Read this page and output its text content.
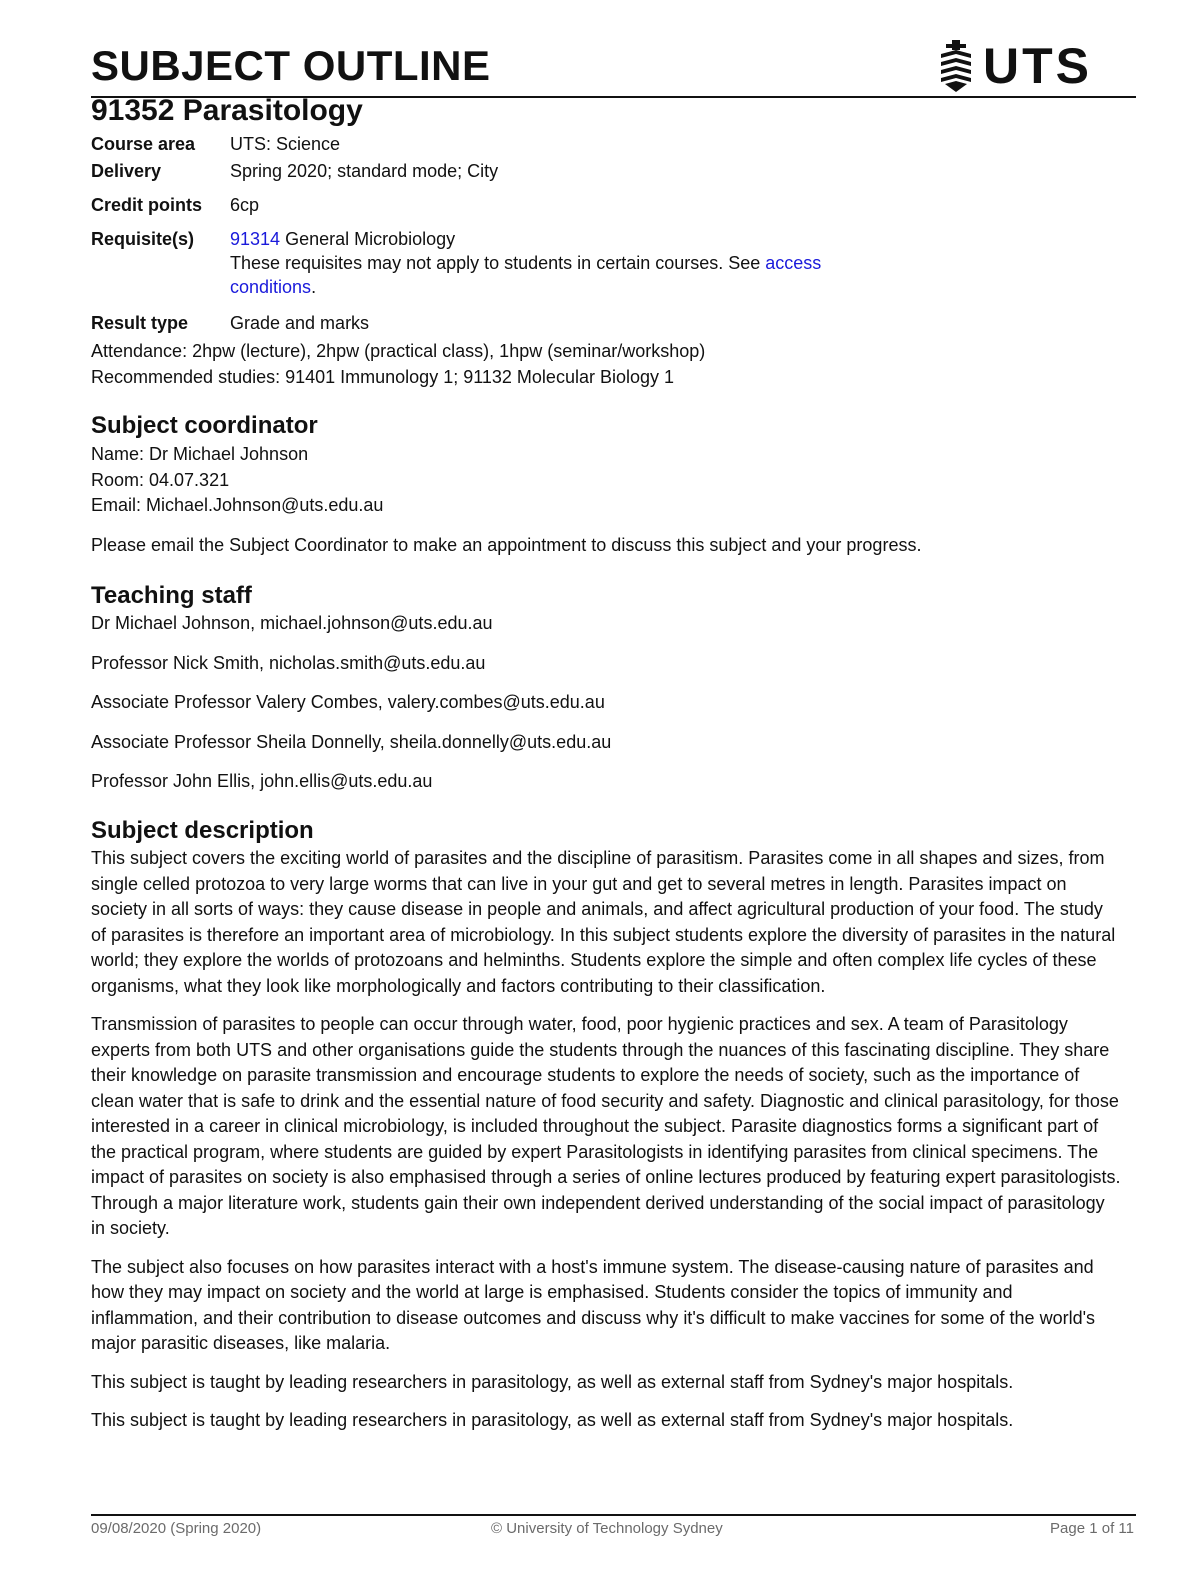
SUBJECT OUTLINE	UTS
91352 Parasitology
Course area	UTS: Science
Delivery	Spring 2020; standard mode; City
Credit points	6cp
Requisite(s)	91314 General Microbiology
These requisites may not apply to students in certain courses. See access conditions.
Result type	Grade and marks
Attendance: 2hpw (lecture), 2hpw (practical class), 1hpw (seminar/workshop)
Recommended studies: 91401 Immunology 1; 91132 Molecular Biology 1
Subject coordinator
Name: Dr Michael Johnson
Room: 04.07.321
Email: Michael.Johnson@uts.edu.au
Please email the Subject Coordinator to make an appointment to discuss this subject and your progress.
Teaching staff
Dr Michael Johnson, michael.johnson@uts.edu.au
Professor Nick Smith, nicholas.smith@uts.edu.au
Associate Professor Valery Combes, valery.combes@uts.edu.au
Associate Professor Sheila Donnelly, sheila.donnelly@uts.edu.au
Professor John Ellis, john.ellis@uts.edu.au
Subject description

This subject covers the exciting world of parasites and the discipline of parasitism. Parasites come in all shapes and sizes, from single celled protozoa to very large worms that can live in your gut and get to several metres in length. Parasites impact on society in all sorts of ways: they cause disease in people and animals, and affect agricultural production of your food. The study of parasites is therefore an important area of microbiology. In this subject students explore the diversity of parasites in the natural world; they explore the worlds of protozoans and helminths. Students explore the simple and often complex life cycles of these organisms, what they look like morphologically and factors contributing to their classification.

Transmission of parasites to people can occur through water, food, poor hygienic practices and sex. A team of Parasitology experts from both UTS and other organisations guide the students through the nuances of this fascinating discipline. They share their knowledge on parasite transmission and encourage students to explore the needs of society, such as the importance of clean water that is safe to drink and the essential nature of food security and safety. Diagnostic and clinical parasitology, for those interested in a career in clinical microbiology, is included throughout the subject. Parasite diagnostics forms a significant part of the practical program, where students are guided by expert Parasitologists in identifying parasites from clinical specimens. The impact of parasites on society is also emphasised through a series of online lectures produced by featuring expert parasitologists. Through a major literature work, students gain their own independent derived understanding of the social impact of parasitology in society.

The subject also focuses on how parasites interact with a host's immune system. The disease-causing nature of parasites and how they may impact on society and the world at large is emphasised. Students consider the topics of immunity and inflammation, and their contribution to disease outcomes and discuss why it's difficult to make vaccines for some of the world's major parasitic diseases, like malaria.

This subject is taught by leading researchers in parasitology, as well as external staff from Sydney's major hospitals.

This subject is taught by leading researchers in parasitology, as well as external staff from Sydney's major hospitals.

09/08/2020 (Spring 2020)	© University of Technology Sydney	Page 1 of 11
